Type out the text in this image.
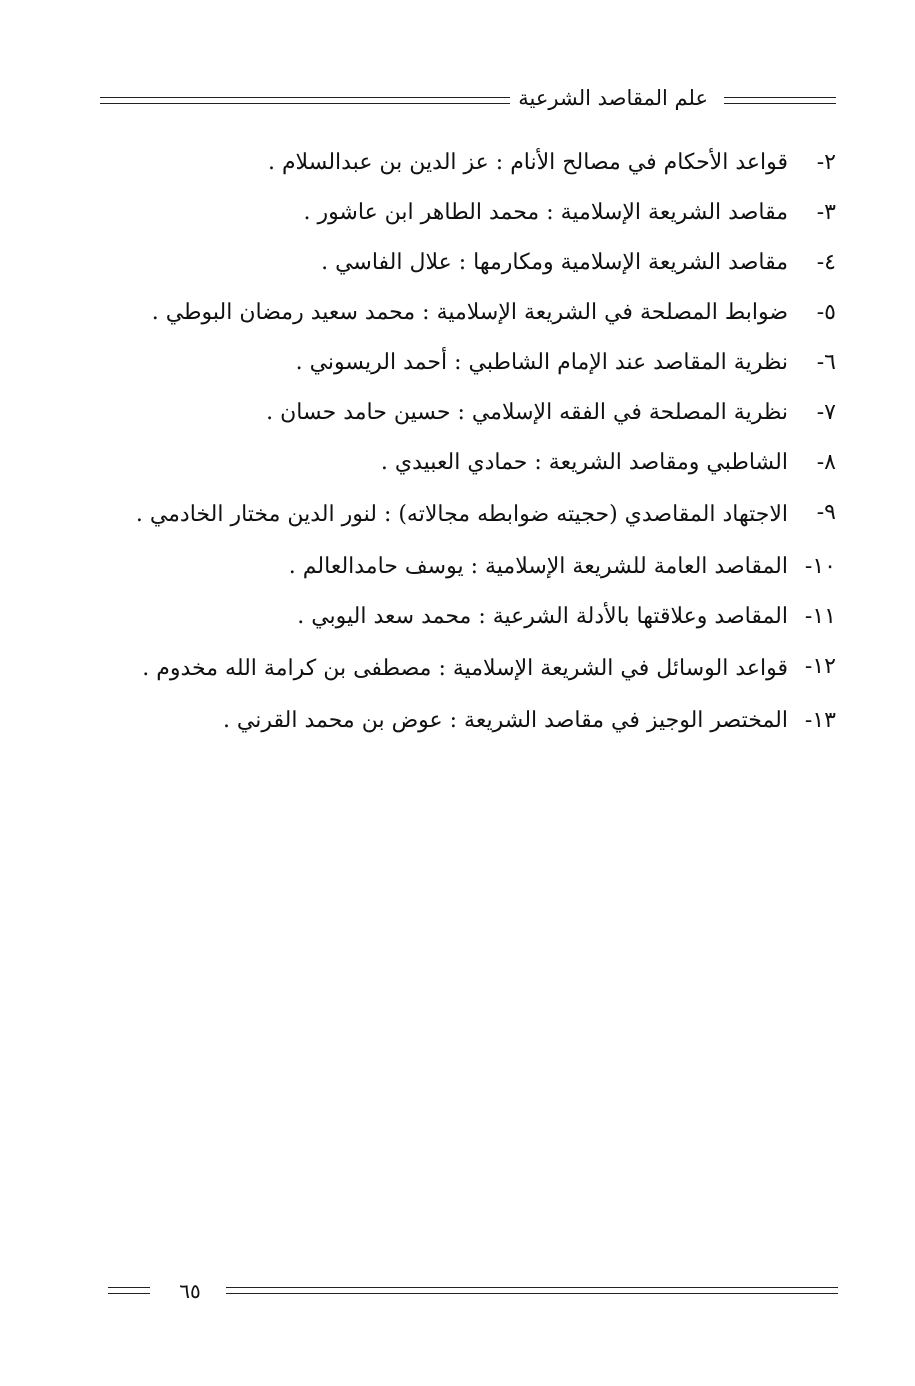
علم المقاصد الشرعية
٢-
قواعد الأحكام في مصالح الأنام : عز الدين بن عبدالسلام .
٣-
مقاصد الشريعة الإسلامية : محمد الطاهر ابن عاشور .
٤-
مقاصد الشريعة الإسلامية ومكارمها : علال الفاسي .
٥-
ضوابط المصلحة في الشريعة الإسلامية : محمد سعيد رمضان البوطي .
٦-
نظرية المقاصد عند الإمام الشاطبي : أحمد الريسوني .
٧-
نظرية المصلحة في الفقه الإسلامي : حسين حامد حسان .
٨-
الشاطبي ومقاصد الشريعة : حمادي العبيدي .
٩-
الاجتهاد المقاصدي (حجيته ضوابطه مجالاته) : لنور الدين مختار الخادمي .
١٠-
المقاصد العامة للشريعة الإسلامية : يوسف حامدالعالم .
١١-
المقاصد وعلاقتها بالأدلة الشرعية : محمد سعد اليوبي .
١٢-
قواعد الوسائل في الشريعة الإسلامية : مصطفى بن كرامة الله مخدوم .
١٣-
المختصر الوجيز في مقاصد الشريعة : عوض بن محمد القرني .
٦٥
